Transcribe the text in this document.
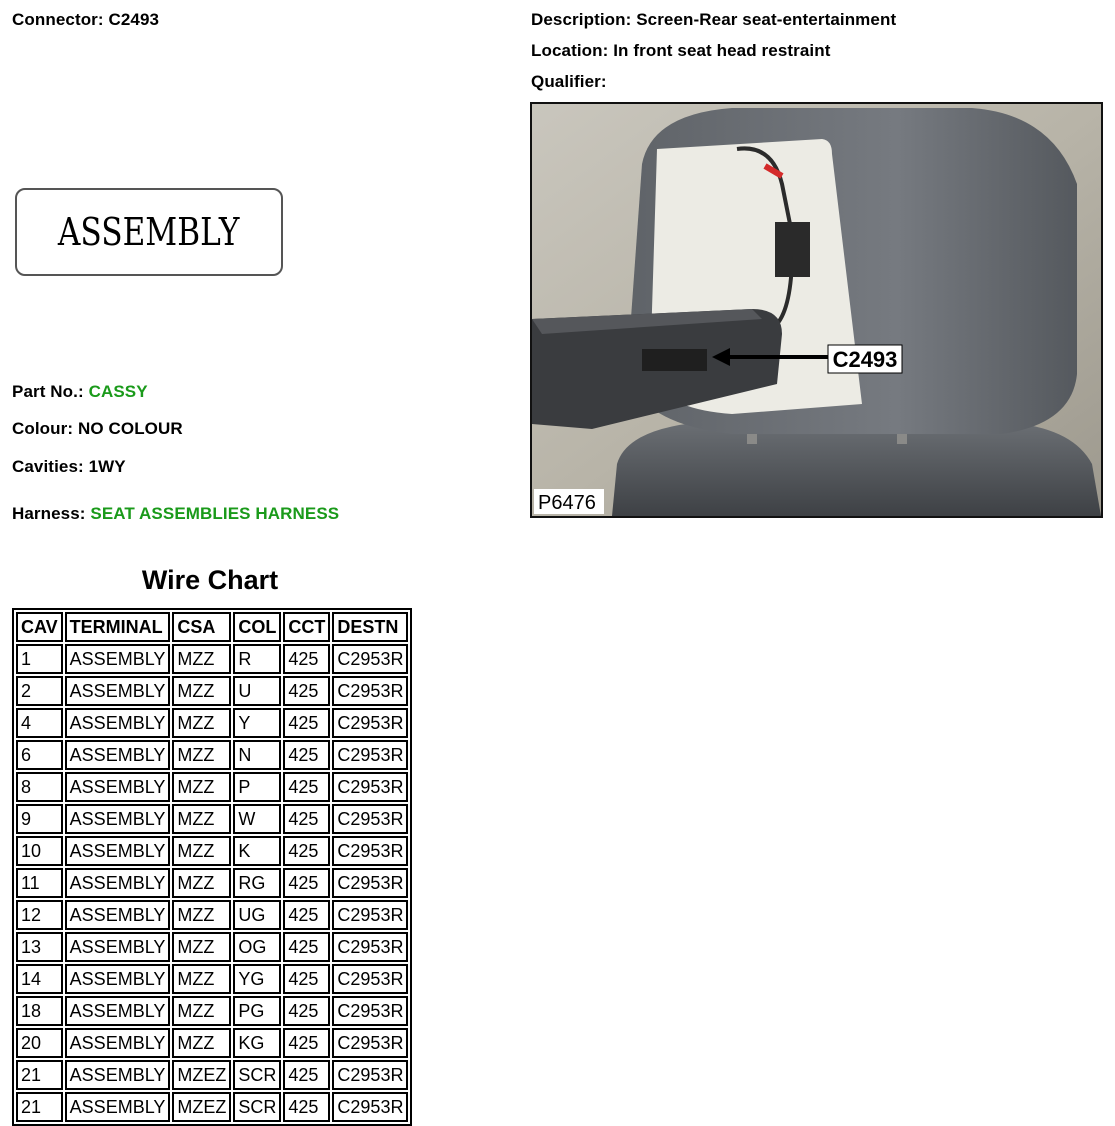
Connector: C2493	Description: Screen-Rear seat-entertainment
Location: In front seat head restraint
Qualifier:
ASSEMBLY
Part No.: CASSY
Colour: NO COLOUR
Cavities: 1WY
Harness: SEAT ASSEMBLIES HARNESS
C2493
P6476
Wire Chart
CAV	TERMINAL	CSA	COL	CCT	DESTN
1	ASSEMBLY	MZZ	R	425	C2953R
2	ASSEMBLY	MZZ	U	425	C2953R
4	ASSEMBLY	MZZ	Y	425	C2953R
6	ASSEMBLY	MZZ	N	425	C2953R
8	ASSEMBLY	MZZ	P	425	C2953R
9	ASSEMBLY	MZZ	W	425	C2953R
10	ASSEMBLY	MZZ	K	425	C2953R
11	ASSEMBLY	MZZ	RG	425	C2953R
12	ASSEMBLY	MZZ	UG	425	C2953R
13	ASSEMBLY	MZZ	OG	425	C2953R
14	ASSEMBLY	MZZ	YG	425	C2953R
18	ASSEMBLY	MZZ	PG	425	C2953R
20	ASSEMBLY	MZZ	KG	425	C2953R
21	ASSEMBLY	MZEZ	SCR	425	C2953R
21	ASSEMBLY	MZEZ	SCR	425	C2953R
